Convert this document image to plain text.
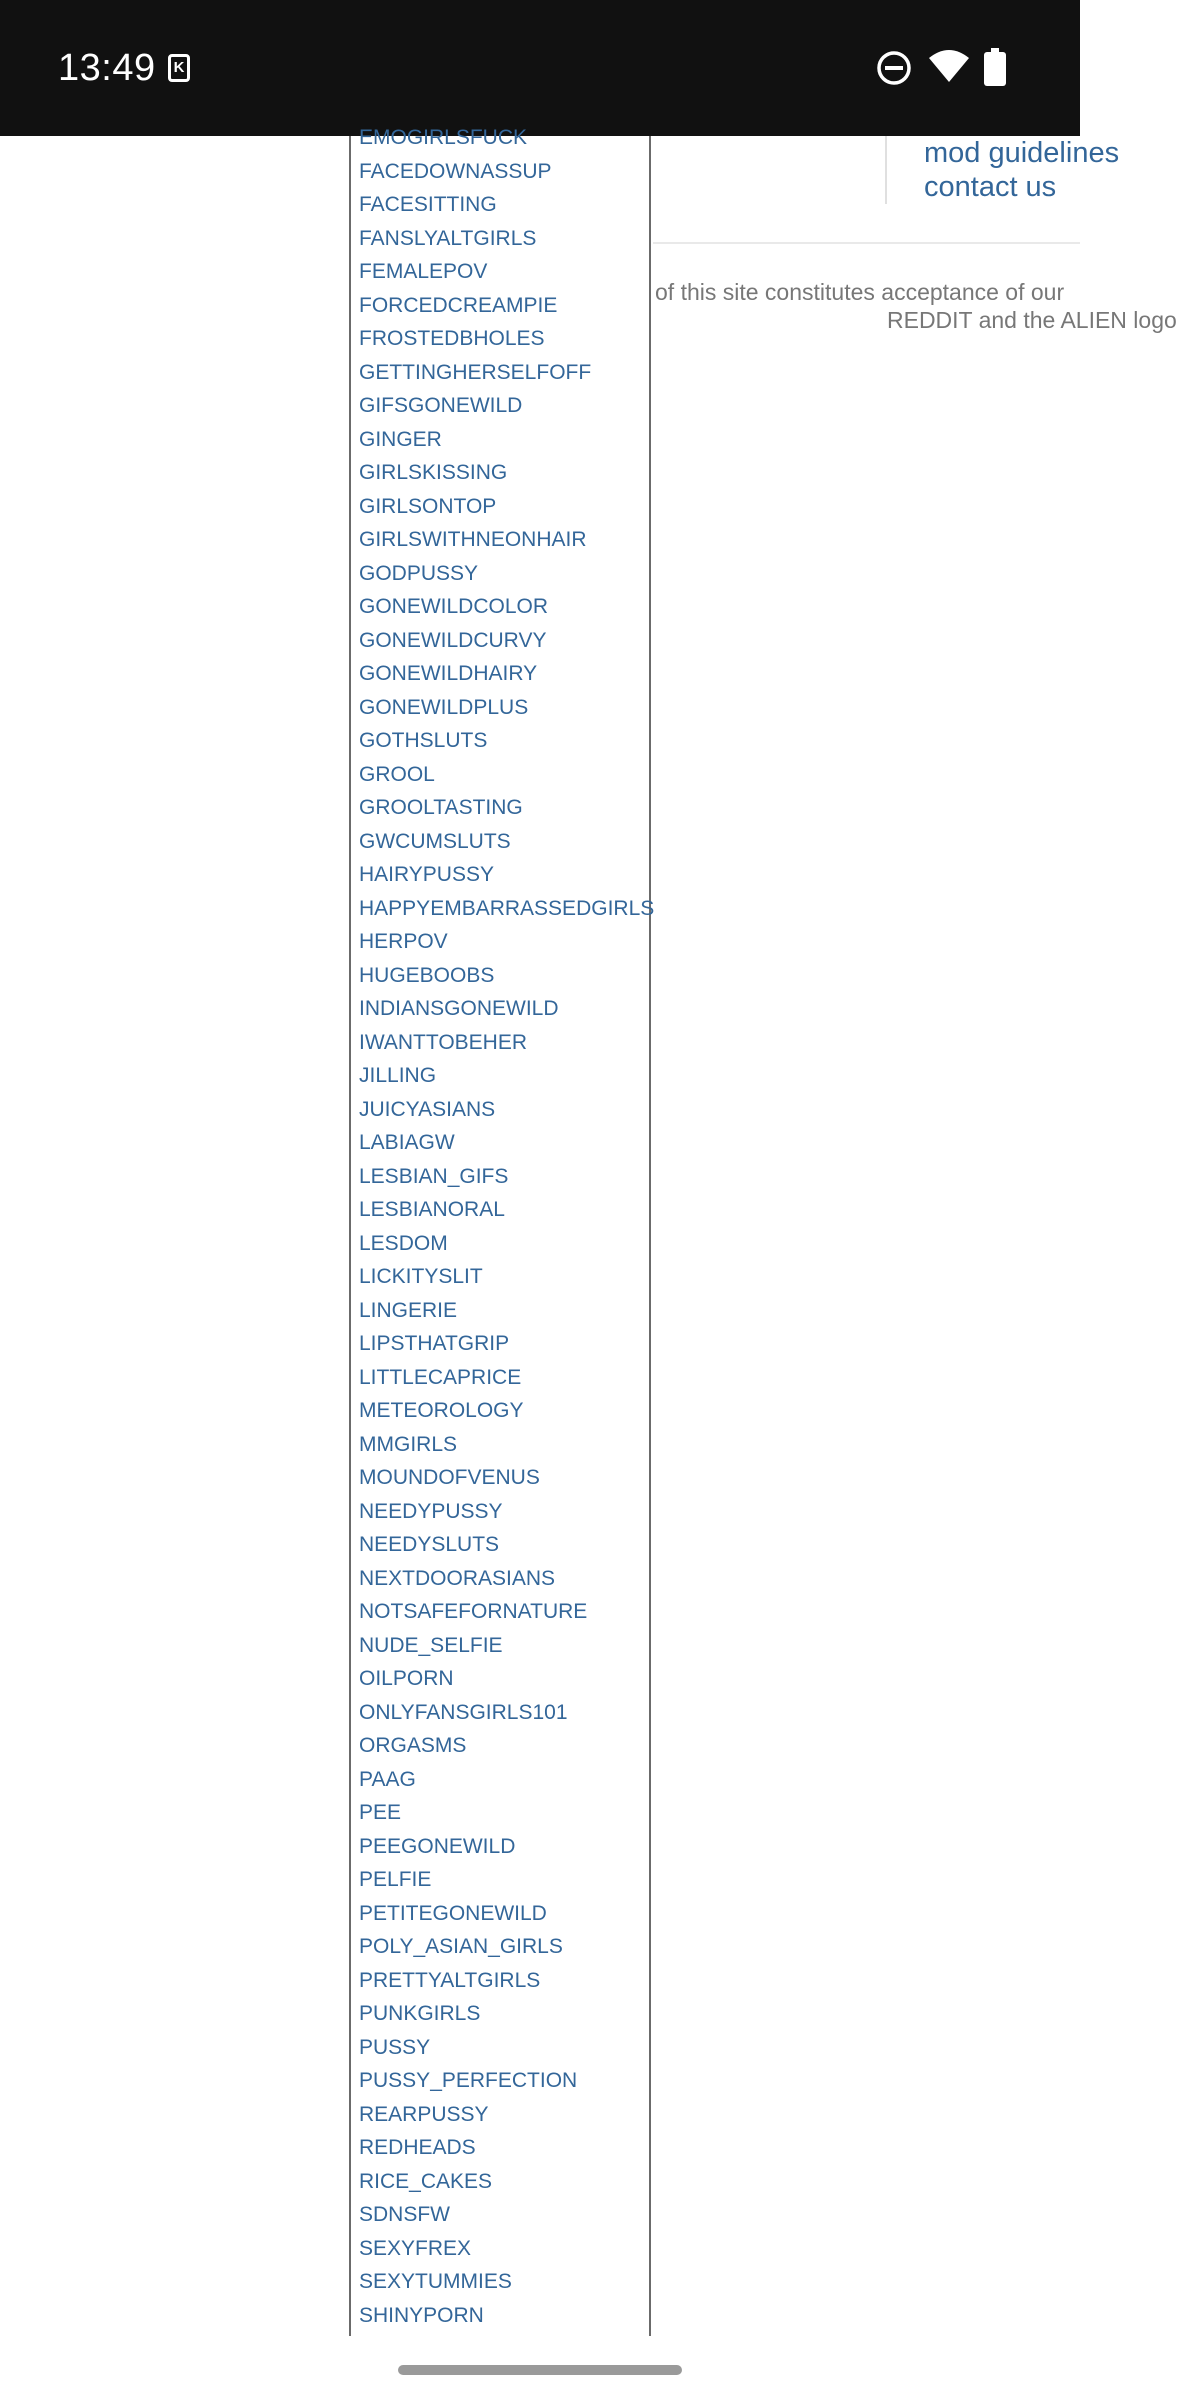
13:49	K
EMOGIRLSFUCK
FACEDOWNASSUP
FACESITTING
FANSLYALTGIRLS
FEMALEPOV
FORCEDCREAMPIE
FROSTEDBHOLES
GETTINGHERSELFOFF
GIFSGONEWILD
GINGER
GIRLSKISSING
GIRLSONTOP
GIRLSWITHNEONHAIR
GODPUSSY
GONEWILDCOLOR
GONEWILDCURVY
GONEWILDHAIRY
GONEWILDPLUS
GOTHSLUTS
GROOL
GROOLTASTING
GWCUMSLUTS
HAIRYPUSSY
HAPPYEMBARRASSEDGIRLS
HERPOV
HUGEBOOBS
INDIANSGONEWILD
IWANTTOBEHER
JILLING
JUICYASIANS
LABIAGW
LESBIAN_GIFS
LESBIANORAL
LESDOM
LICKITYSLIT
LINGERIE
LIPSTHATGRIP
LITTLECAPRICE
METEOROLOGY
MMGIRLS
MOUNDOFVENUS
NEEDYPUSSY
NEEDYSLUTS
NEXTDOORASIANS
NOTSAFEFORNATURE
NUDE_SELFIE
OILPORN
ONLYFANSGIRLS101
ORGASMS
PAAG
PEE
PEEGONEWILD
PELFIE
PETITEGONEWILD
POLY_ASIAN_GIRLS
PRETTYALTGIRLS
PUNKGIRLS
PUSSY
PUSSY_PERFECTION
REARPUSSY
REDHEADS
RICE_CAKES
SDNSFW
SEXYFREX
SEXYTUMMIES
SHINYPORN
mod guidelines
contact us
of this site constitutes acceptance of our
REDDIT and the ALIEN logo
